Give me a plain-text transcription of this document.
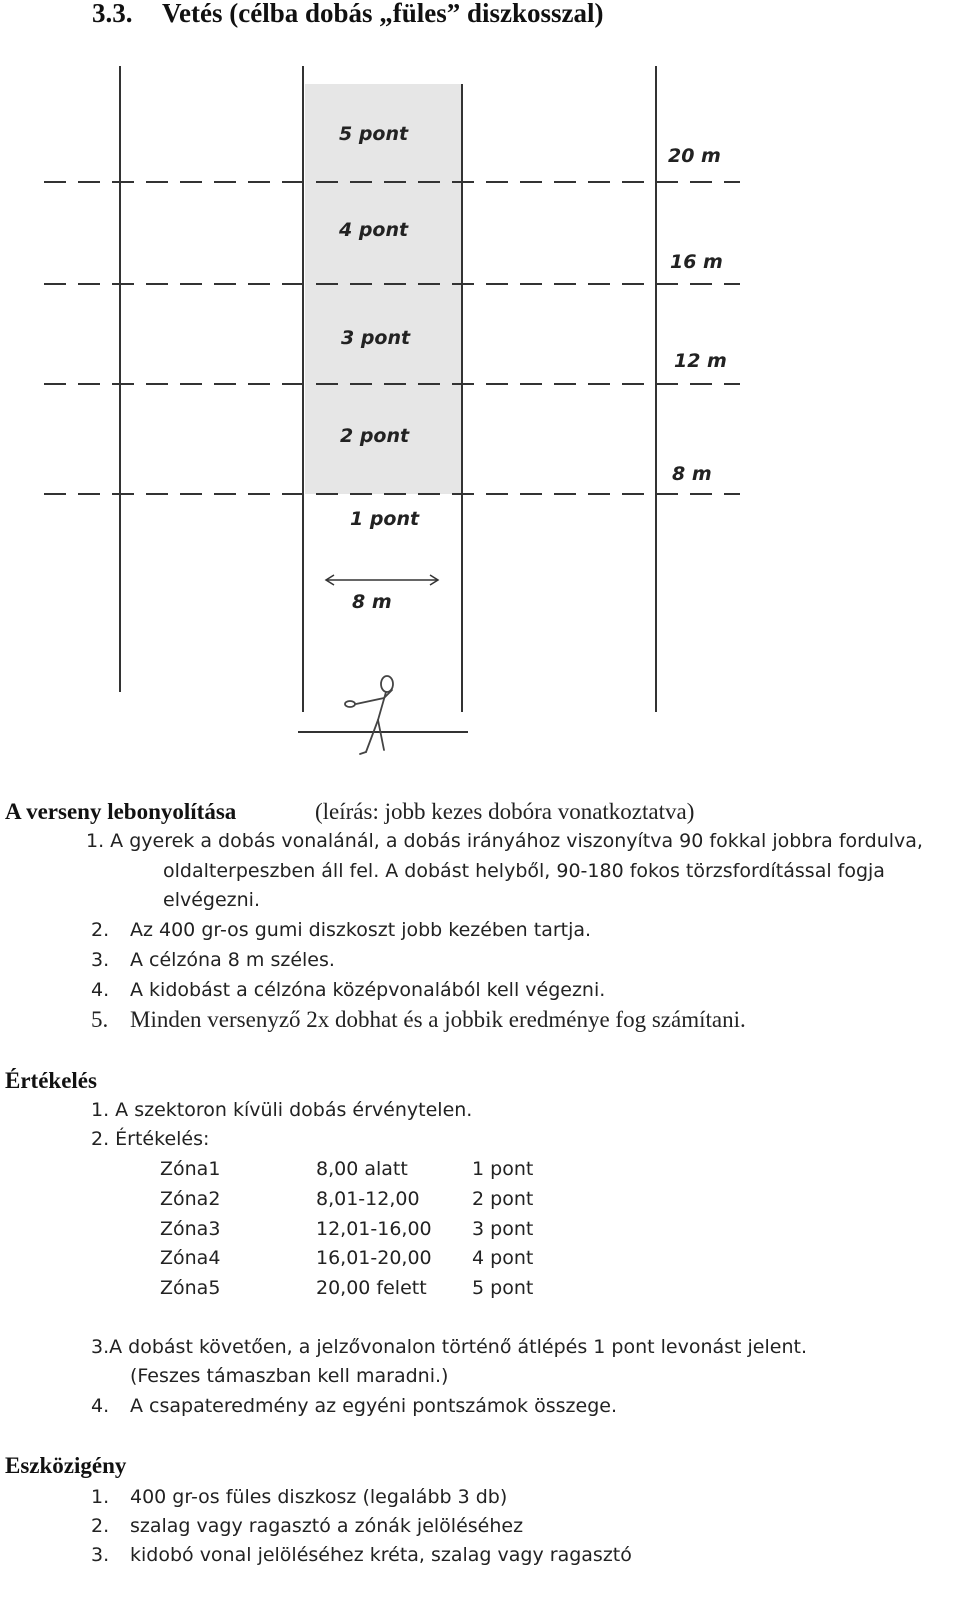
3.3. Vetés (célba dobás „füles” diszkosszal)
5 pont
4 pont
3 pont
2 pont
1 pont
20 m
16 m
12 m
8 m
8 m
A verseny lebonyolítása	(leírás: jobb kezes dobóra vonatkoztatva)
1. A gyerek a dobás vonalánál, a dobás irányához viszonyítva 90 fokkal jobbra fordulva,
oldalterpeszben áll fel. A dobást helyből, 90-180 fokos törzsfordítással fogja
elvégezni.
2. Az 400 gr-os gumi diszkoszt jobb kezében tartja.
3. A célzóna 8 m széles.
4. A kidobást a célzóna középvonalából kell végezni.
5. Minden versenyző 2x dobhat és a jobbik eredménye fog számítani.
Értékelés
1. A szektoron kívüli dobás érvénytelen.
2. Értékelés:
Zóna1	8,00 alatt	1 pont
Zóna2	8,01-12,00	2 pont
Zóna3	12,01-16,00 3 pont
Zóna4	16,01-20,00 4 pont
Zóna5	20,00 felett 5 pont
3.A dobást követően, a jelzővonalon történő átlépés 1 pont levonást jelent.
(Feszes támaszban kell maradni.)
4. A csapateredmény az egyéni pontszámok összege.
Eszközigény
1. 400 gr-os füles diszkosz (legalább 3 db)
2. szalag vagy ragasztó a zónák jelöléséhez
3. kidobó vonal jelöléséhez kréta, szalag vagy ragasztó
